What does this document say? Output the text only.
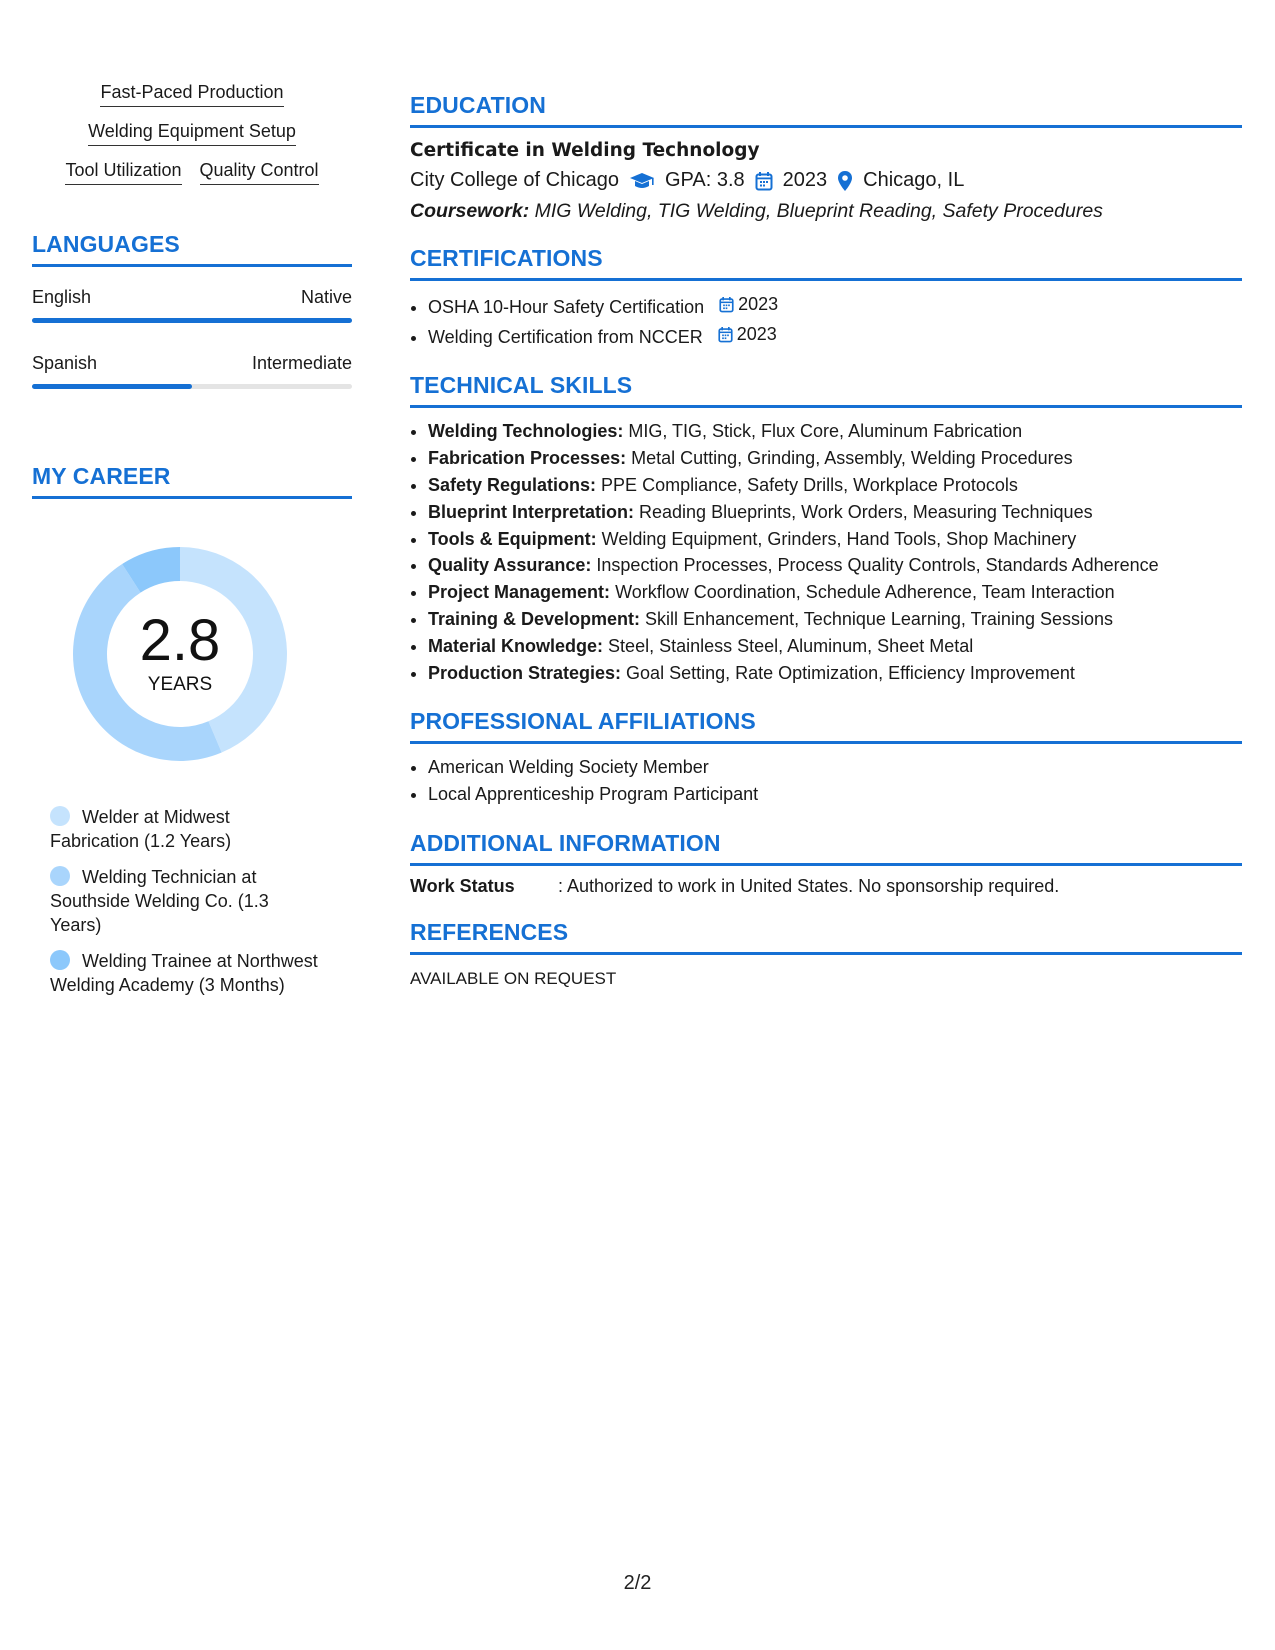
Fast-Paced Production
Welding Equipment Setup
Tool Utilization Quality Control
LANGUAGES
English	Native
Spanish	Intermediate
MY CAREER
2.8
YEARS
Welder at Midwest Fabrication (1.2 Years)
Welding Technician at Southside Welding Co. (1.3 Years)
Welding Trainee at Northwest Welding Academy (3 Months)
EDUCATION
Certificate in Welding Technology
City College of Chicago GPA: 3.8 2023 Chicago, IL
Coursework: MIG Welding, TIG Welding, Blueprint Reading, Safety Procedures
CERTIFICATIONS
• OSHA 10-Hour Safety Certification 2023
• Welding Certification from NCCER 2023
TECHNICAL SKILLS
• Welding Technologies: MIG, TIG, Stick, Flux Core, Aluminum Fabrication
• Fabrication Processes: Metal Cutting, Grinding, Assembly, Welding Procedures
• Safety Regulations: PPE Compliance, Safety Drills, Workplace Protocols
• Blueprint Interpretation: Reading Blueprints, Work Orders, Measuring Techniques
• Tools & Equipment: Welding Equipment, Grinders, Hand Tools, Shop Machinery
• Quality Assurance: Inspection Processes, Process Quality Controls, Standards Adherence
• Project Management: Workflow Coordination, Schedule Adherence, Team Interaction
• Training & Development: Skill Enhancement, Technique Learning, Training Sessions
• Material Knowledge: Steel, Stainless Steel, Aluminum, Sheet Metal
• Production Strategies: Goal Setting, Rate Optimization, Efficiency Improvement
PROFESSIONAL AFFILIATIONS
• American Welding Society Member
• Local Apprenticeship Program Participant
ADDITIONAL INFORMATION
Work Status	: Authorized to work in United States. No sponsorship required.
REFERENCES
AVAILABLE ON REQUEST
2/2
